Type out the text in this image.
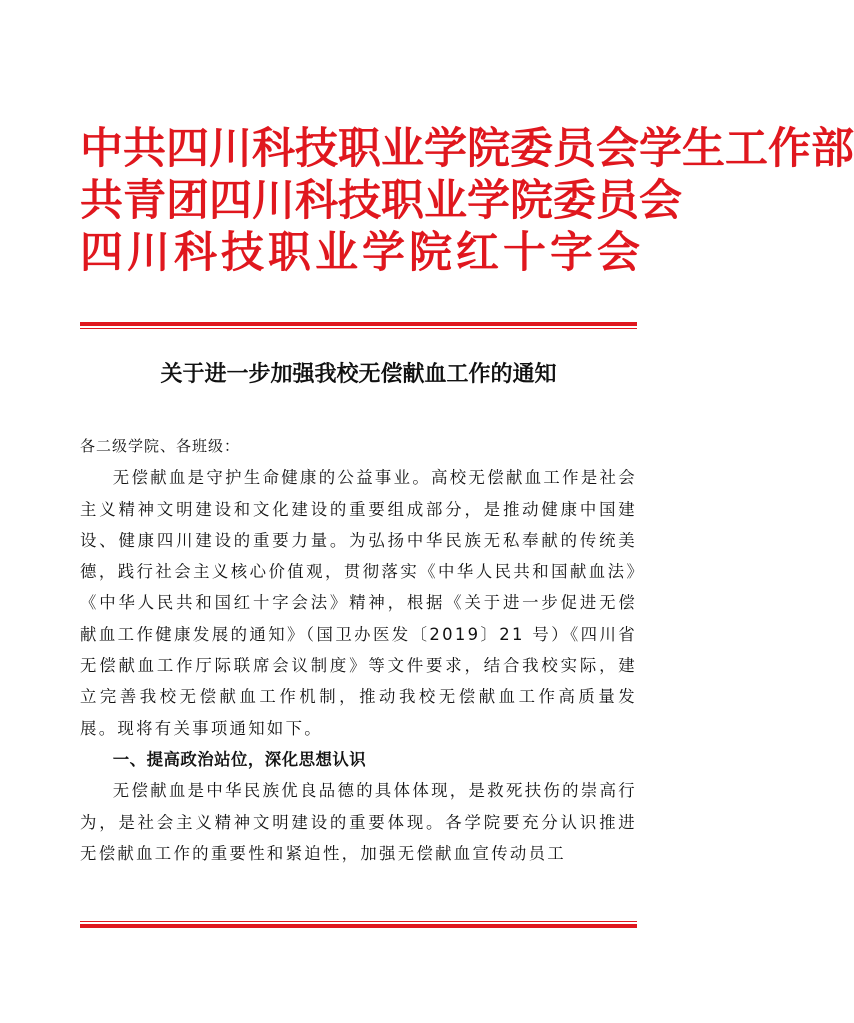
中 共 四 川 科 技 职 业 学 院 委 员 会 学 生 工 作 部
共 青 团 四 川 科 技 职 业 学 院 委 员 会
四 川 科 技 职 业 学 院 红 十 字 会
关于进一步加强我校无偿献血工作的通知

各二级学院、各班级：

无偿献血是守护生命健康的公益事业。高校无偿献血工作是社会主义精神文明建设和文化建设的重要组成部分，是推动健康中国建设、健康四川建设的重要力量。为弘扬中华民族无私奉献的传统美德，践行社会主义核心价值观，贯彻落实《中华人民共和国献血法》《中华人民共和国红十字会法》精神，根据《关于进一步促进无偿献血工作健康发展的通知》（国卫办医发〔2019〕21 号）《四川省无偿献血工作厅际联席会议制度》等文件要求，结合我校实际，建立完善我校无偿献血工作机制，推动我校无偿献血工作高质量发展。现将有关事项通知如下。

一、提高政治站位，深化思想认识

无偿献血是中华民族优良品德的具体体现，是救死扶伤的崇高行为，是社会主义精神文明建设的重要体现。各学院要充分认识推进无偿献血工作的重要性和紧迫性，加强无偿献血宣传动员工
